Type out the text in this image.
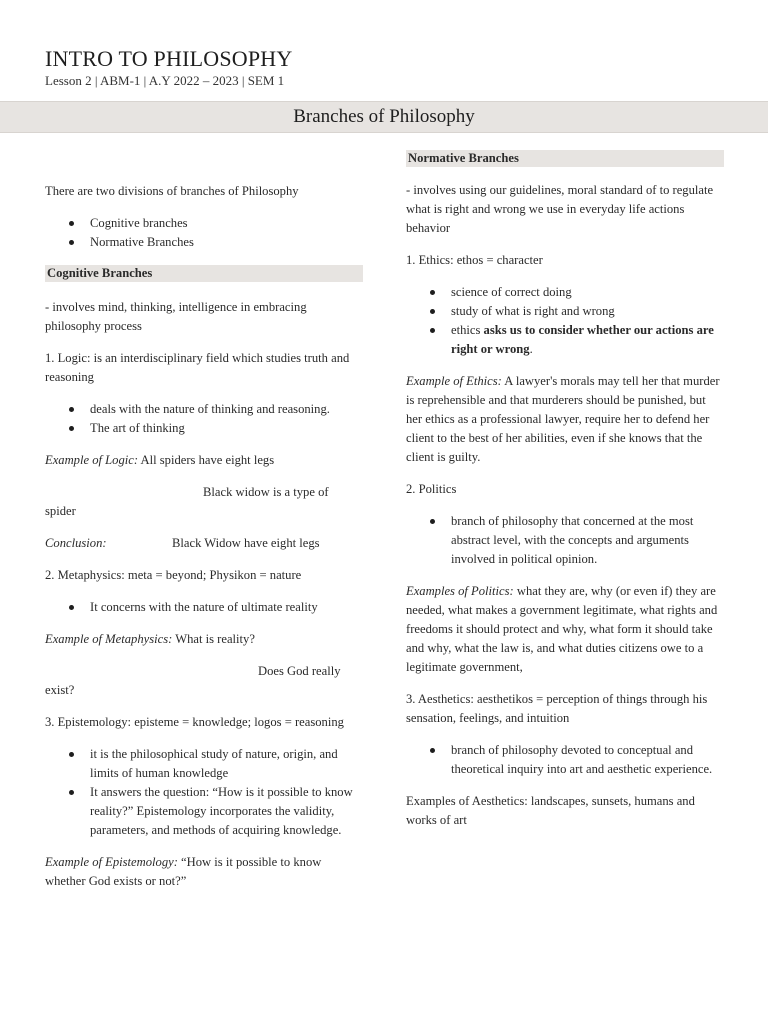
INTRO TO PHILOSOPHY
Lesson 2 | ABM-1 | A.Y 2022 – 2023 | SEM 1
Branches of Philosophy

There are two divisions of branches of Philosophy

Cognitive branches
Normative Branches
Cognitive Branches

- involves mind, thinking, intelligence in embracing philosophy process

1. Logic: is an interdisciplinary field which studies truth and reasoning

deals with the nature of thinking and reasoning.
The art of thinking

Example of Logic: All spiders have eight legs

Black widow is a type of
spider

Conclusion:	Black Widow have eight legs

2. Metaphysics: meta = beyond; Physikon = nature

It concerns with the nature of ultimate reality

Example of Metaphysics: What is reality?

Does God really
exist?

3. Epistemology: episteme = knowledge; logos = reasoning

it is the philosophical study of nature, origin, and limits of human knowledge
It answers the question: “How is it possible to know reality?” Epistemology incorporates the validity, parameters, and methods of acquiring knowledge.

Example of Epistemology: “How is it possible to know whether God exists or not?”

Normative Branches

- involves using our guidelines, moral standard of to regulate what is right and wrong we use in everyday life actions behavior

1. Ethics: ethos = character

science of correct doing
study of what is right and wrong
ethics asks us to consider whether our actions are right or wrong.

Example of Ethics: A lawyer's morals may tell her that murder is reprehensible and that murderers should be punished, but her ethics as a professional lawyer, require her to defend her client to the best of her abilities, even if she knows that the client is guilty.

2. Politics

branch of philosophy that concerned at the most abstract level, with the concepts and arguments involved in political opinion.

Examples of Politics: what they are, why (or even if) they are needed, what makes a government legitimate, what rights and freedoms it should protect and why, what form it should take and why, what the law is, and what duties citizens owe to a legitimate government,

3. Aesthetics: aesthetikos = perception of things through his sensation, feelings, and intuition

branch of philosophy devoted to conceptual and theoretical inquiry into art and aesthetic experience.

Examples of Aesthetics: landscapes, sunsets, humans and works of art
